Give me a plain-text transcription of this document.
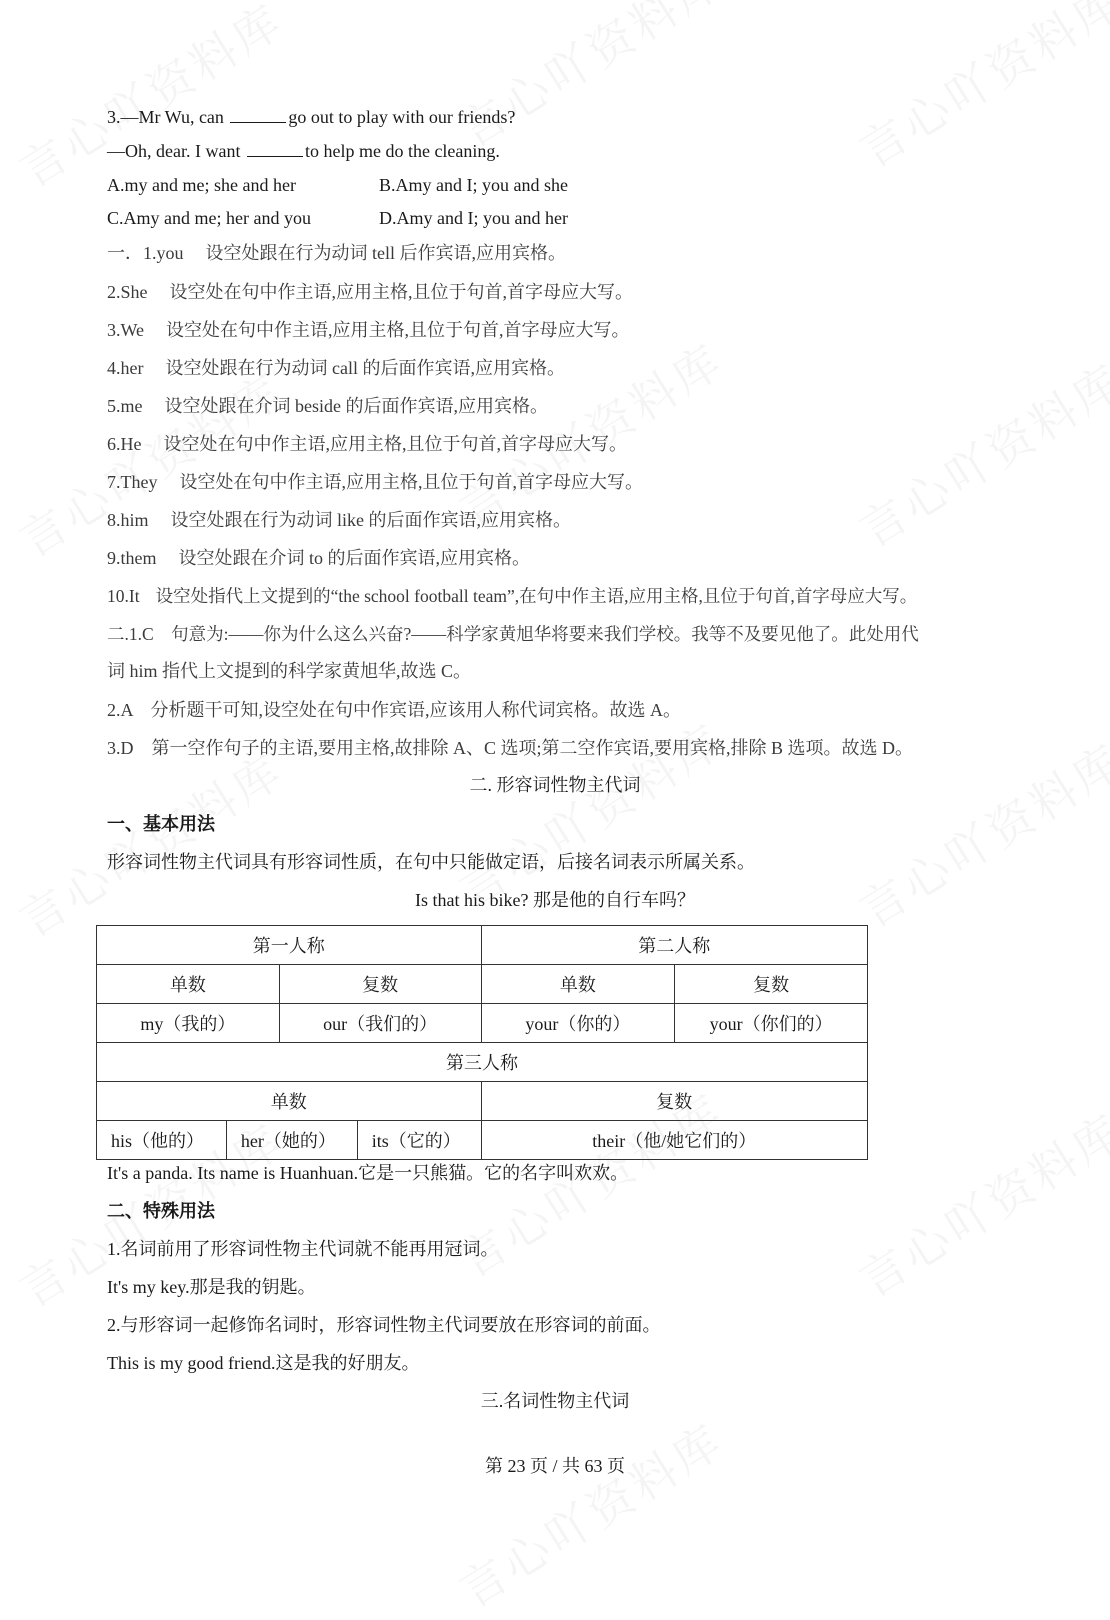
3.—Mr Wu, can	go out to play with our friends?
—Oh, dear. I want	to help me do the cleaning.
A.my and me; she and her	B.Amy and I; you and she
C.Amy and me; her and you	D.Amy and I; you and her
一．1.you 设空处跟在行为动词 tell 后作宾语,应用宾格。
2.She 设空处在句中作主语,应用主格,且位于句首,首字母应大写。
3.We 设空处在句中作主语,应用主格,且位于句首,首字母应大写。
4.her 设空处跟在行为动词 call 的后面作宾语,应用宾格。
5.me 设空处跟在介词 beside 的后面作宾语,应用宾格。
6.He 设空处在句中作主语,应用主格,且位于句首,首字母应大写。
7.They 设空处在句中作主语,应用主格,且位于句首,首字母应大写。
8.him 设空处跟在行为动词 like 的后面作宾语,应用宾格。
9.them 设空处跟在介词 to 的后面作宾语,应用宾格。
10.It 设空处指代上文提到的“the school football team”,在句中作主语,应用主格,且位于句首,首字母应大写。
二.1.C　句意为:——你为什么这么兴奋?——科学家黄旭华将要来我们学校。我等不及要见他了。此处用代
词 him 指代上文提到的科学家黄旭华,故选 C。
2.A　分析题干可知,设空处在句中作宾语,应该用人称代词宾格。故选 A。
3.D　第一空作句子的主语,要用主格,故排除 A、C 选项;第二空作宾语,要用宾格,排除 B 选项。故选 D。
二. 形容词性物主代词
一、基本用法
形容词性物主代词具有形容词性质，在句中只能做定语，后接名词表示所属关系。
Is that his bike? 那是他的自行车吗？
第一人称				第二人称	
单数		复数		单数	复数
my（我的）		our（我们的）		your（你的）	your（你们的）
第三人称					
单数				复数	
his（他的）	her（她的）		its（它的）	their（他/她它们的）	
It's a panda. Its name is Huanhuan.它是一只熊猫。它的名字叫欢欢。
二、特殊用法
1.名词前用了形容词性物主代词就不能再用冠词。
It's my key.那是我的钥匙。
2.与形容词一起修饰名词时，形容词性物主代词要放在形容词的前面。
This is my good friend.这是我的好朋友。
三.名词性物主代词
第 23 页 / 共 63 页
